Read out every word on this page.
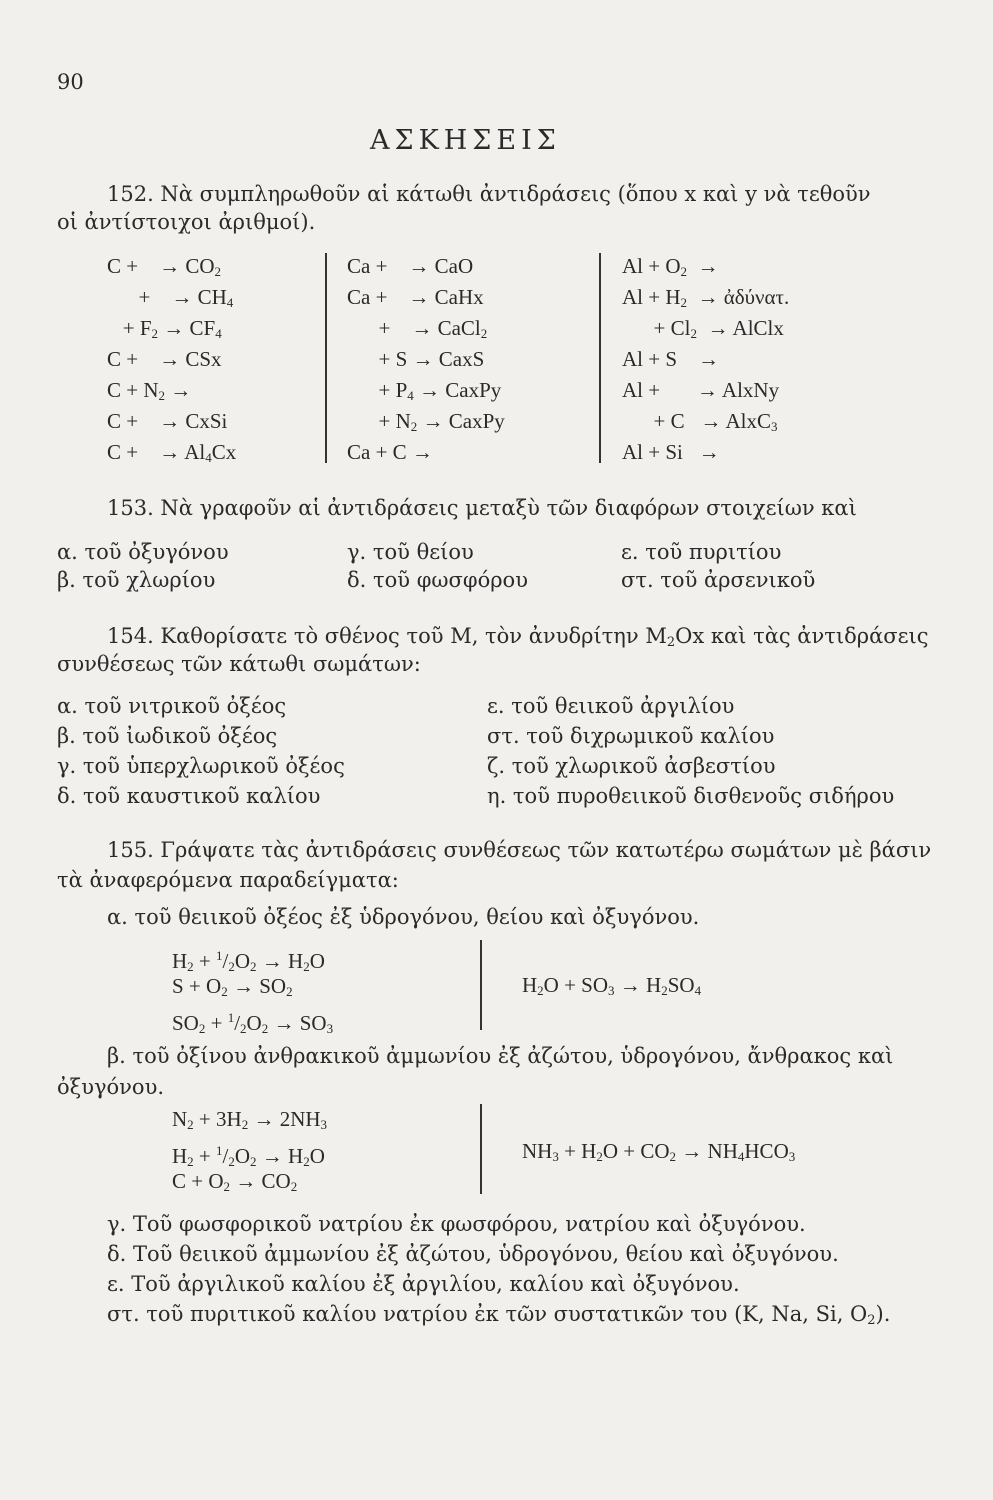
90
ΑΣΚΗΣΕΙΣ
152. Νὰ συμπληρωθοῦν αἱ κάτωθι ἀντιδράσεις (ὅπου x καὶ y νὰ τεθοῦν
οἱ ἀντίστοιχοι ἀριθμοί).
C +    → $CO_2$
+    → $CH_4$
+ $F_2 \to CF_4$
C +    → CSx
$C + N_2$ →
C +    → CxSi
C +    → $Al_4Cx$
Ca +    → CaO
Ca +    → CaHx
+    → CaCl$_2$
+ S → CaxS
+ $P_4$ → CaxPy
+ $N_2$ → CaxPy
Ca + C →
$Al + O_2$  →
$Al + H_2$  → ἀδύνατ.
+ $Cl_2$  → AlClx
Al + S    →
Al +       → AlxNy
+ C   → AlxC$_3$
Al + Si   →
153. Νὰ γραφοῦν αἱ ἀντιδράσεις μεταξὺ τῶν διαφόρων στοιχείων καὶ
α. τοῦ ὀξυγόνου
β. τοῦ χλωρίου
γ. τοῦ θείου
δ. τοῦ φωσφόρου
ε. τοῦ πυριτίου
στ. τοῦ ἀρσενικοῦ
154. Καθορίσατε τὸ σθένος τοῦ M, τὸν ἀνυδρίτην $M_2Ox$ καὶ τὰς ἀντιδράσεις
συνθέσεως τῶν κάτωθι σωμάτων:
α. τοῦ νιτρικοῦ ὀξέος
β. τοῦ ἰωδικοῦ ὀξέος
γ. τοῦ ὑπερχλωρικοῦ ὀξέος
δ. τοῦ καυστικοῦ καλίου
ε. τοῦ θειικοῦ ἀργιλίου
στ. τοῦ διχρωμικοῦ καλίου
ζ. τοῦ χλωρικοῦ ἀσβεστίου
η. τοῦ πυροθειικοῦ δισθενοῦς σιδήρου
155. Γράψατε τὰς ἀντιδράσεις συνθέσεως τῶν κατωτέρω σωμάτων μὲ βάσιν
τὰ ἀναφερόμενα παραδείγματα:
α. τοῦ θειικοῦ ὀξέος ἐξ ὑδρογόνου, θείου καὶ ὀξυγόνου.
$H_2 + ^1/_2O_2 \to H_2O$
$S + O_2 \to SO_2$
$SO_2 + ^1/_2O_2 \to SO_3$
$H_2O + SO_3 \to H_2SO_4$
β. τοῦ ὀξίνου ἀνθρακικοῦ ἀμμωνίου ἐξ ἀζώτου, ὑδρογόνου, ἄνθρακος καὶ
ὀξυγόνου.
$N_2 + 3H_2 \to 2NH_3$
$H_2 + ^1/_2O_2 \to H_2O$
$C + O_2 \to CO_2$
$NH_3 + H_2O + CO_2 \to NH_4HCO_3$
γ. Τοῦ φωσφορικοῦ νατρίου ἐκ φωσφόρου, νατρίου καὶ ὀξυγόνου.
δ. Τοῦ θειικοῦ ἀμμωνίου ἐξ ἀζώτου, ὑδρογόνου, θείου καὶ ὀξυγόνου.
ε. Τοῦ ἀργιλικοῦ καλίου ἐξ ἀργιλίου, καλίου καὶ ὀξυγόνου.
στ. τοῦ πυριτικοῦ καλίου νατρίου ἐκ τῶν συστατικῶν του (K, Na, Si, $O_2$).
